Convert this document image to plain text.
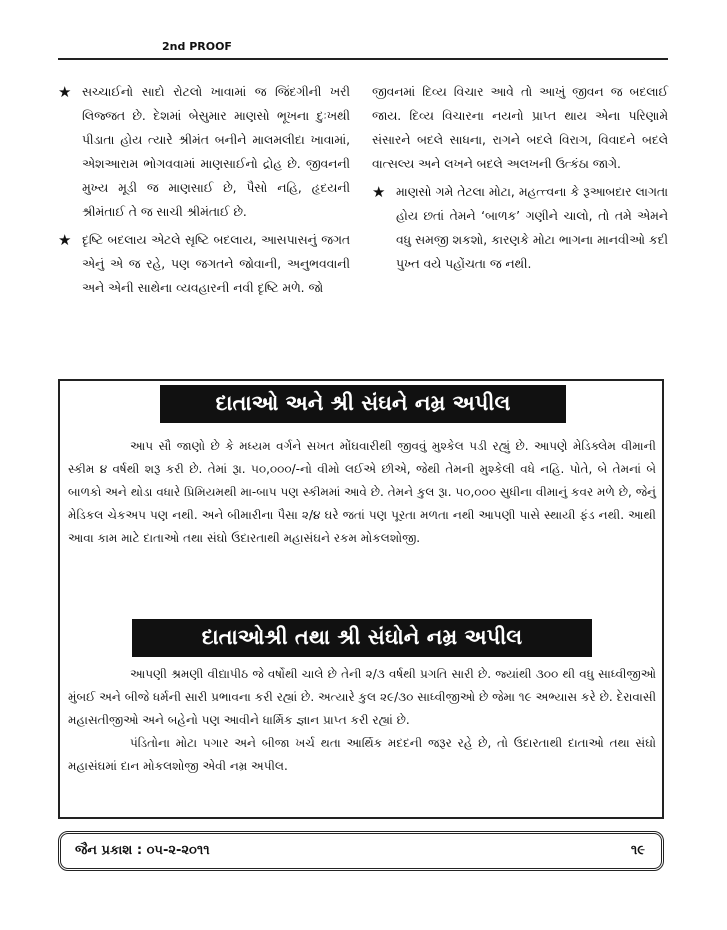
2nd PROOF
★ સચ્ચાઈનો સાદો રોટલો ખાવામાં જ જિંદગીની ખરી લિજ્જત છે. દેશમાં બેસુમાર માણસો ભૂખના દુઃખથી પીડાતા હોય ત્યારે શ્રીમંત બનીને માલમલીદા ખાવામાં, એશઆરામ ભોગવવામાં માણસાઈનો દ્રોહ છે. જીવનની મુખ્ય મૂડી જ માણસાઈ છે, પૈસો નહિ, હૃદયની શ્રીમંતાઈ તે જ સાચી શ્રીમંતાઈ છે.
★ દૃષ્ટિ બદલાય એટલે સૃષ્ટિ બદલાય, આસપાસનું જગત એનું એ જ રહે, પણ જગતને જોવાની, અનુભવવાની અને એની સાથેના વ્યવહારની નવી દૃષ્ટિ મળે. જો
જીવનમાં દિવ્ય વિચાર આવે તો આખું જીવન જ બદલાઈ જાય. દિવ્ય વિચારના નયનો પ્રાપ્ત થાય એના પરિણામે સંસારને બદલે સાધના, રાગને બદલે વિરાગ, વિવાદને બદલે વાત્સલ્ય અને લખને બદલે અલખની ઉત્કંઠા જાગે.
★ માણસો ગમે તેટલા મોટા, મહત્ત્વના કે રૂઆબદાર લાગતા હોય છતાં તેમને ‘બાળક’ ગણીને ચાલો, તો તમે એમને વધુ સમજી શકશો, કારણકે મોટા ભાગના માનવીઓ કદી પુખ્ત વયે પહોંચતા જ નથી.
દાતાઓ અને શ્રી સંઘને નમ્ર અપીલ
આપ સૌ જાણો છે કે મધ્યમ વર્ગને સખત મોંઘવારીથી જીવવું મુશ્કેલ પડી રહ્યું છે. આપણે મેડિક્લેમ વીમાની સ્કીમ ૪ વર્ષથી શરૂ કરી છે. તેમાં રૂા. ૫૦,૦૦૦/-નો વીમો લઈએ છીએ, જેથી તેમની મુશ્કેલી વધે નહિ. પોતે, બે તેમનાં બે બાળકો અને થોડા વધારે પ્રિમિયમથી મા-બાપ પણ સ્કીમમાં આવે છે. તેમને કુલ રૂા. ૫૦,૦૦૦ સુધીના વીમાનું કવર મળે છે, જેનું મેડિકલ ચેકઅપ પણ નથી. અને બીમારીના પૈસા ૨/૪ ઘરે જતાં પણ પૂરતા મળતા નથી આપણી પાસે સ્થાયી ફંડ નથી. આથી આવા કામ માટે દાતાઓ તથા સંઘો ઉદારતાથી મહાસંઘને રકમ મોકલશોજી.
દાતાઓશ્રી તથા શ્રી સંઘોને નમ્ર અપીલ
આપણી શ્રમણી વીદ્યાપીઠ જે વર્ષોથી ચાલે છે તેની ૨/૩ વર્ષથી પ્રગતિ સારી છે. જ્યાંથી ૩૦૦ થી વધુ સાધ્વીજીઓ મુંબઈ અને બીજે ધર્મની સારી પ્રભાવના કરી રહ્યાં છે. અત્યારે કુલ ૨૯/૩૦ સાધ્વીજીઓ છે જેમા ૧૯ અભ્યાસ કરે છે. દેરાવાસી મહાસતીજીઓ અને બહેનો પણ આવીને ધાર્મિક જ્ઞાન પ્રાપ્ત કરી રહ્યાં છે.
પંડિતોના મોટા પગાર અને બીજા ખર્ચ થતા આર્થિક મદદની જરૂર રહે છે, તો ઉદારતાથી દાતાઓ તથા સંઘો મહાસંઘમાં દાન મોકલશોજી એવી નમ્ર અપીલ.
જૈન પ્રકાશ : ૦૫-૨-૨૦૧૧	૧૯
